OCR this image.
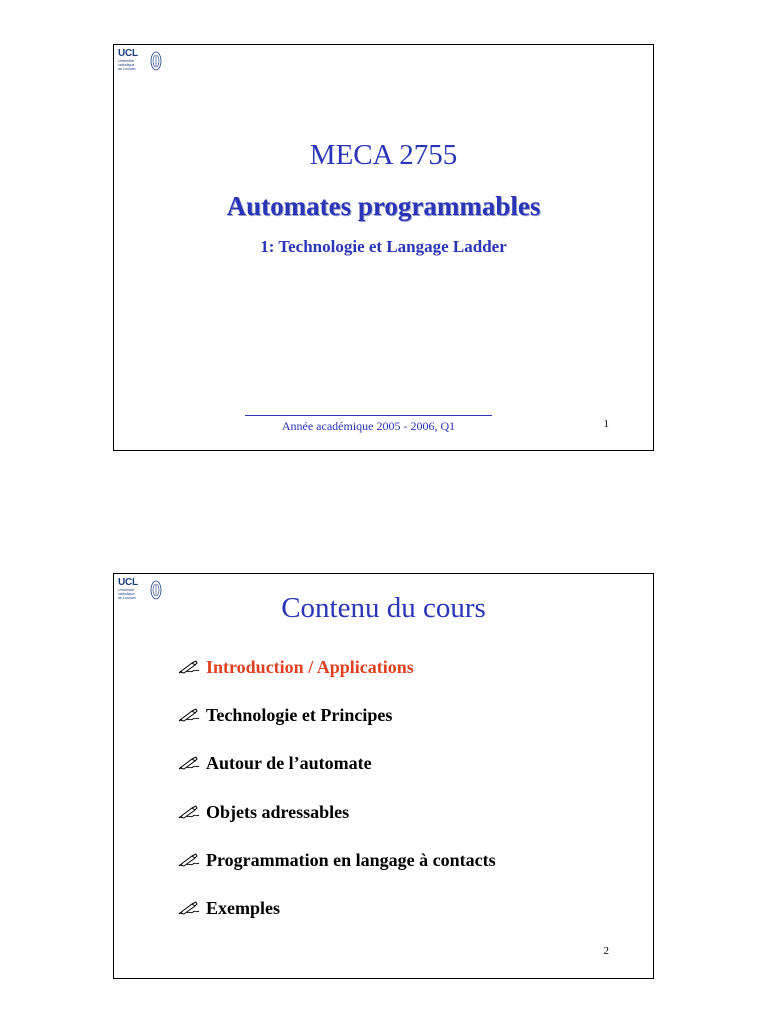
UCL
Université
catholique
de Louvain
MECA 2755
Automates programmables
1: Technologie et Langage Ladder
Année académique 2005 - 2006, Q1	1
UCL
Université
catholique
de Louvain	Contenu du cours
Introduction / Applications
Technologie et Principes
Autour de l’automate
Objets adressables
Programmation en langage à contacts
Exemples
2
